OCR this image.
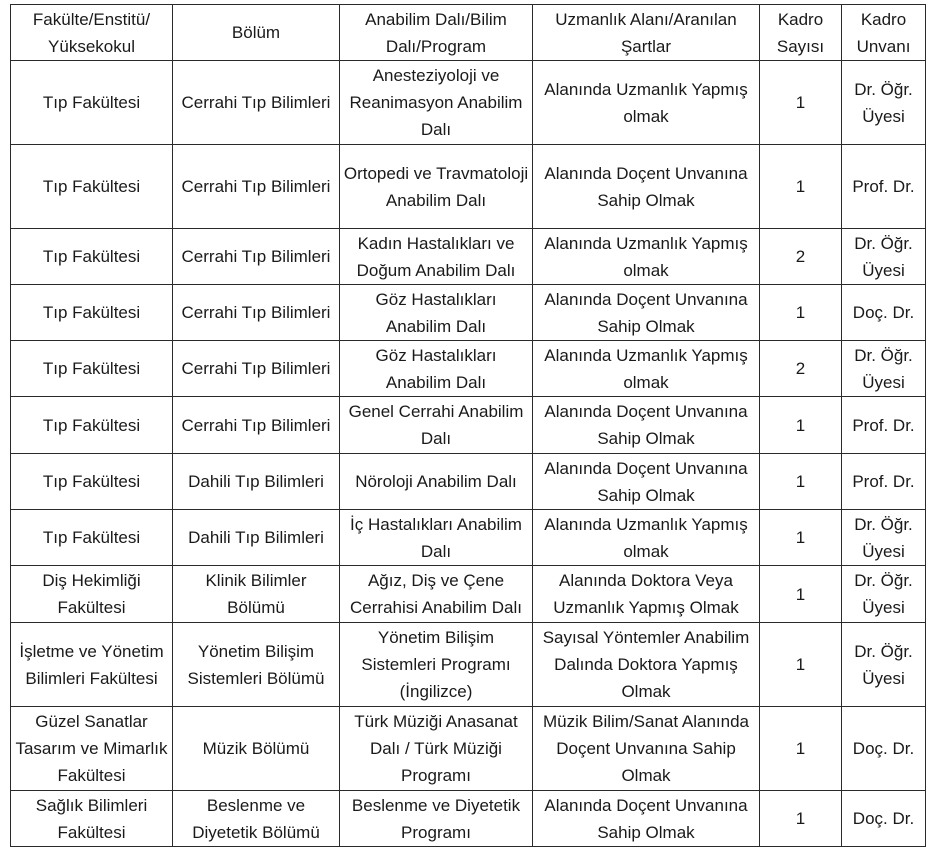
Fakülte/Enstitü/ Yüksekokul	Bölüm	Anabilim Dalı/Bilim Dalı/Program	Uzmanlık Alanı/Aranılan Şartlar	Kadro Sayısı	Kadro Unvanı
Tıp Fakültesi	Cerrahi Tıp Bilimleri	Anesteziyoloji ve Reanimasyon Anabilim Dalı	Alanında Uzmanlık Yapmış olmak	1	Dr. Öğr. Üyesi
Tıp Fakültesi	Cerrahi Tıp Bilimleri	Ortopedi ve Travmatoloji Anabilim Dalı	Alanında Doçent Unvanına Sahip Olmak	1	Prof. Dr.
Tıp Fakültesi	Cerrahi Tıp Bilimleri	Kadın Hastalıkları ve Doğum Anabilim Dalı	Alanında Uzmanlık Yapmış olmak	2	Dr. Öğr. Üyesi
Tıp Fakültesi	Cerrahi Tıp Bilimleri	Göz Hastalıkları Anabilim Dalı	Alanında Doçent Unvanına Sahip Olmak	1	Doç. Dr.
Tıp Fakültesi	Cerrahi Tıp Bilimleri	Göz Hastalıkları Anabilim Dalı	Alanında Uzmanlık Yapmış olmak	2	Dr. Öğr. Üyesi
Tıp Fakültesi	Cerrahi Tıp Bilimleri	Genel Cerrahi Anabilim Dalı	Alanında Doçent Unvanına Sahip Olmak	1	Prof. Dr.
Tıp Fakültesi	Dahili Tıp Bilimleri	Nöroloji Anabilim Dalı	Alanında Doçent Unvanına Sahip Olmak	1	Prof. Dr.
Tıp Fakültesi	Dahili Tıp Bilimleri	İç Hastalıkları Anabilim Dalı	Alanında Uzmanlık Yapmış olmak	1	Dr. Öğr. Üyesi
Diş Hekimliği Fakültesi	Klinik Bilimler Bölümü	Ağız, Diş ve Çene Cerrahisi Anabilim Dalı	Alanında Doktora Veya Uzmanlık Yapmış Olmak	1	Dr. Öğr. Üyesi
İşletme ve Yönetim Bilimleri Fakültesi	Yönetim Bilişim Sistemleri Bölümü	Yönetim Bilişim Sistemleri Programı (İngilizce)	Sayısal Yöntemler Anabilim Dalında Doktora Yapmış Olmak	1	Dr. Öğr. Üyesi
Güzel Sanatlar Tasarım ve Mimarlık Fakültesi	Müzik Bölümü	Türk Müziği Anasanat Dalı / Türk Müziği Programı	Müzik Bilim/Sanat Alanında Doçent Unvanına Sahip Olmak	1	Doç. Dr.
Sağlık Bilimleri Fakültesi	Beslenme ve Diyetetik Bölümü	Beslenme ve Diyetetik Programı	Alanında Doçent Unvanına Sahip Olmak	1	Doç. Dr.
